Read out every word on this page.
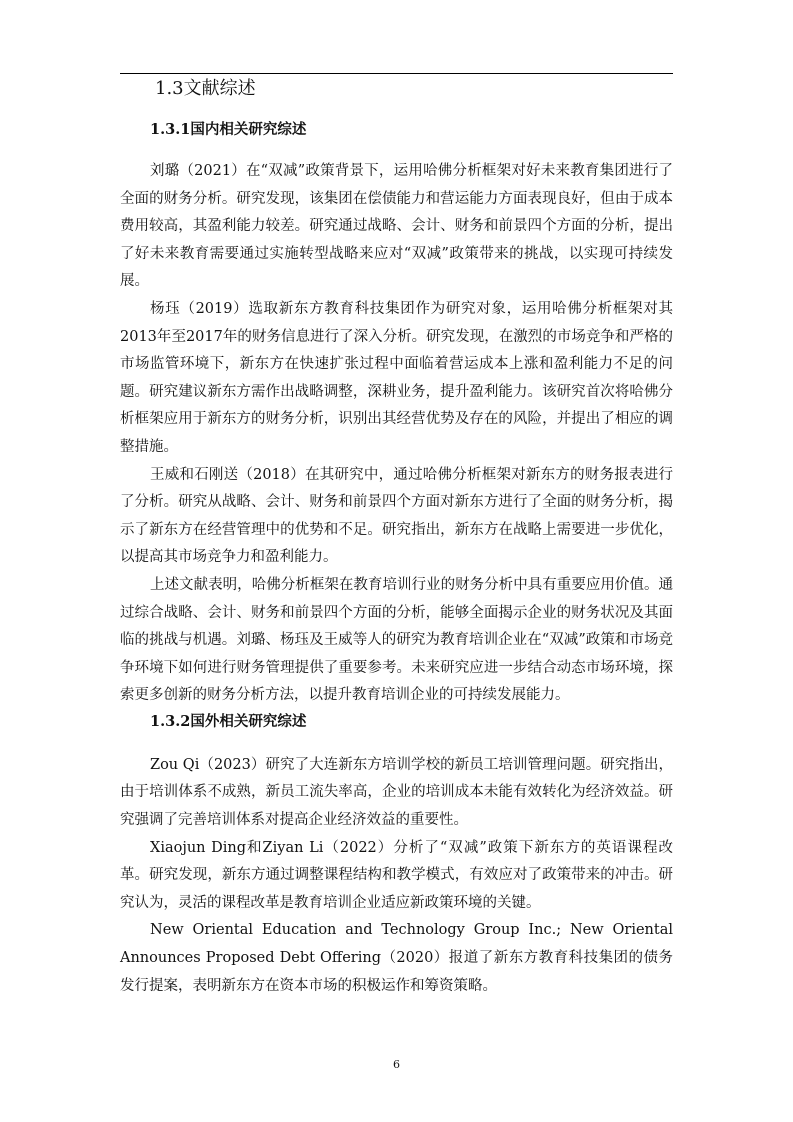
1.3文献综述
1.3.1国内相关研究综述

刘璐（2021）在“双减”政策背景下，运用哈佛分析框架对好未来教育集团进行了全面的财务分析。研究发现，该集团在偿债能力和营运能力方面表现良好，但由于成本费用较高，其盈利能力较差。研究通过战略、会计、财务和前景四个方面的分析，提出了好未来教育需要通过实施转型战略来应对“双减”政策带来的挑战，以实现可持续发展。

杨珏（2019）选取新东方教育科技集团作为研究对象，运用哈佛分析框架对其2013年至2017年的财务信息进行了深入分析。研究发现，在激烈的市场竞争和严格的市场监管环境下，新东方在快速扩张过程中面临着营运成本上涨和盈利能力不足的问题。研究建议新东方需作出战略调整，深耕业务，提升盈利能力。该研究首次将哈佛分析框架应用于新东方的财务分析，识别出其经营优势及存在的风险，并提出了相应的调整措施。

王威和石刚送（2018）在其研究中，通过哈佛分析框架对新东方的财务报表进行了分析。研究从战略、会计、财务和前景四个方面对新东方进行了全面的财务分析，揭示了新东方在经营管理中的优势和不足。研究指出，新东方在战略上需要进一步优化，以提高其市场竞争力和盈利能力。

上述文献表明，哈佛分析框架在教育培训行业的财务分析中具有重要应用价值。通过综合战略、会计、财务和前景四个方面的分析，能够全面揭示企业的财务状况及其面临的挑战与机遇。刘璐、杨珏及王威等人的研究为教育培训企业在“双减”政策和市场竞争环境下如何进行财务管理提供了重要参考。未来研究应进一步结合动态市场环境，探索更多创新的财务分析方法，以提升教育培训企业的可持续发展能力。

1.3.2国外相关研究综述

Zou Qi（2023）研究了大连新东方培训学校的新员工培训管理问题。研究指出，由于培训体系不成熟，新员工流失率高，企业的培训成本未能有效转化为经济效益。研究强调了完善培训体系对提高企业经济效益的重要性。

Xiaojun Ding和Ziyan Li（2022）分析了“双减”政策下新东方的英语课程改革。研究发现，新东方通过调整课程结构和教学模式，有效应对了政策带来的冲击。研究认为，灵活的课程改革是教育培训企业适应新政策环境的关键。

New Oriental Education and Technology Group Inc.; New Oriental Announces Proposed Debt Offering（2020）报道了新东方教育科技集团的债务发行提案，表明新东方在资本市场的积极运作和筹资策略。

6
